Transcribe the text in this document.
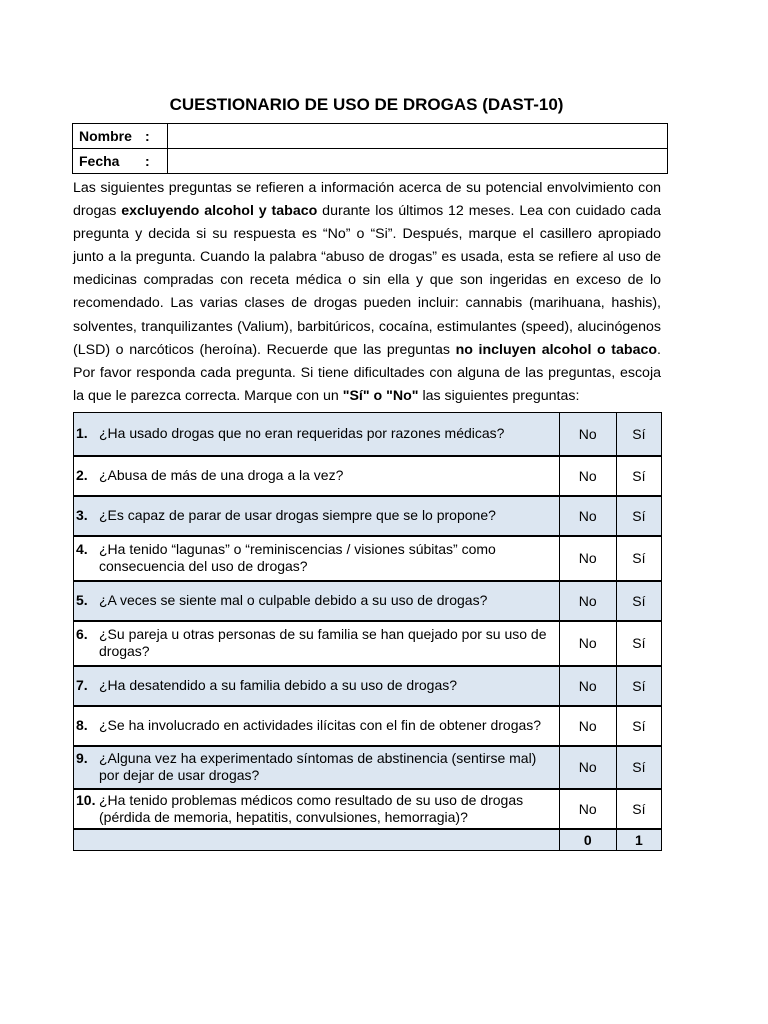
CUESTIONARIO DE USO DE DROGAS (DAST-10)
Nombre :	

Fecha :	

Las siguientes preguntas se refieren a información acerca de su potencial envolvimiento con drogas excluyendo alcohol y tabaco durante los últimos 12 meses. Lea con cuidado cada pregunta y decida si su respuesta es “No” o “Si”. Después, marque el casillero apropiado junto a la pregunta. Cuando la palabra “abuso de drogas” es usada, esta se refiere al uso de medicinas compradas con receta médica o sin ella y que son ingeridas en exceso de lo recomendado. Las varias clases de drogas pueden incluir: cannabis (marihuana, hashis), solventes, tranquilizantes (Valium), barbitúricos, cocaína, estimulantes (speed), alucinógenos (LSD) o narcóticos (heroína). Recuerde que las preguntas no incluyen alcohol o tabaco. Por favor responda cada pregunta. Si tiene dificultades con alguna de las preguntas, escoja la que le parezca correcta. Marque con un "Sí" o "No" las siguientes preguntas:

1. ¿Ha usado drogas que no eran requeridas por razones médicas?	No	Sí

2. ¿Abusa de más de una droga a la vez?	No	Sí

3. ¿Es capaz de parar de usar drogas siempre que se lo propone?	No	Sí

4. ¿Ha tenido “lagunas” o “reminiscencias / visiones súbitas” como consecuencia del uso de drogas?	No	Sí

5. ¿A veces se siente mal o culpable debido a su uso de drogas?	No	Sí

6. ¿Su pareja u otras personas de su familia se han quejado por su uso de drogas?	No	Sí

7. ¿Ha desatendido a su familia debido a su uso de drogas?	No	Sí

8. ¿Se ha involucrado en actividades ilícitas con el fin de obtener drogas?	No	Sí

9. ¿Alguna vez ha experimentado síntomas de abstinencia (sentirse mal) por dejar de usar drogas?	No	Sí

10. ¿Ha tenido problemas médicos como resultado de su uso de drogas (pérdida de memoria, hepatitis, convulsiones, hemorragia)?	No	Sí
	0	1
